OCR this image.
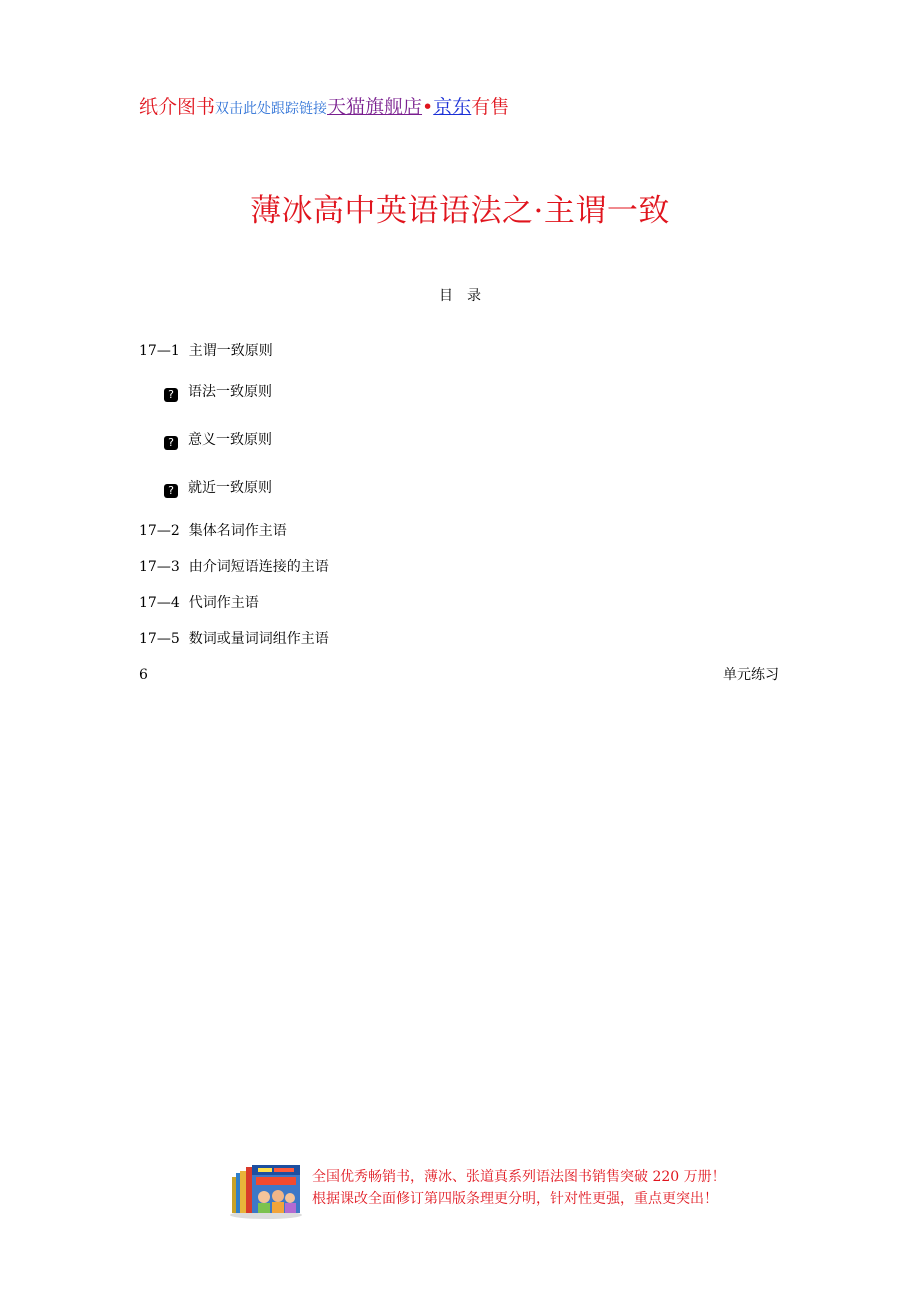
纸介图书双击此处跟踪链接天猫旗舰店•京东有售
薄冰高中英语语法之·主谓一致
目　录
17—1 主谓一致原则
? 语法一致原则
? 意义一致原则
? 就近一致原则
17—2 集体名词作主语
17—3 由介词短语连接的主语
17—4 代词作主语
17—5 数词或量词词组作主语
6	单元练习
全国优秀畅销书，薄冰、张道真系列语法图书销售突破 220 万册！
根据课改全面修订第四版条理更分明，针对性更强，重点更突出！
